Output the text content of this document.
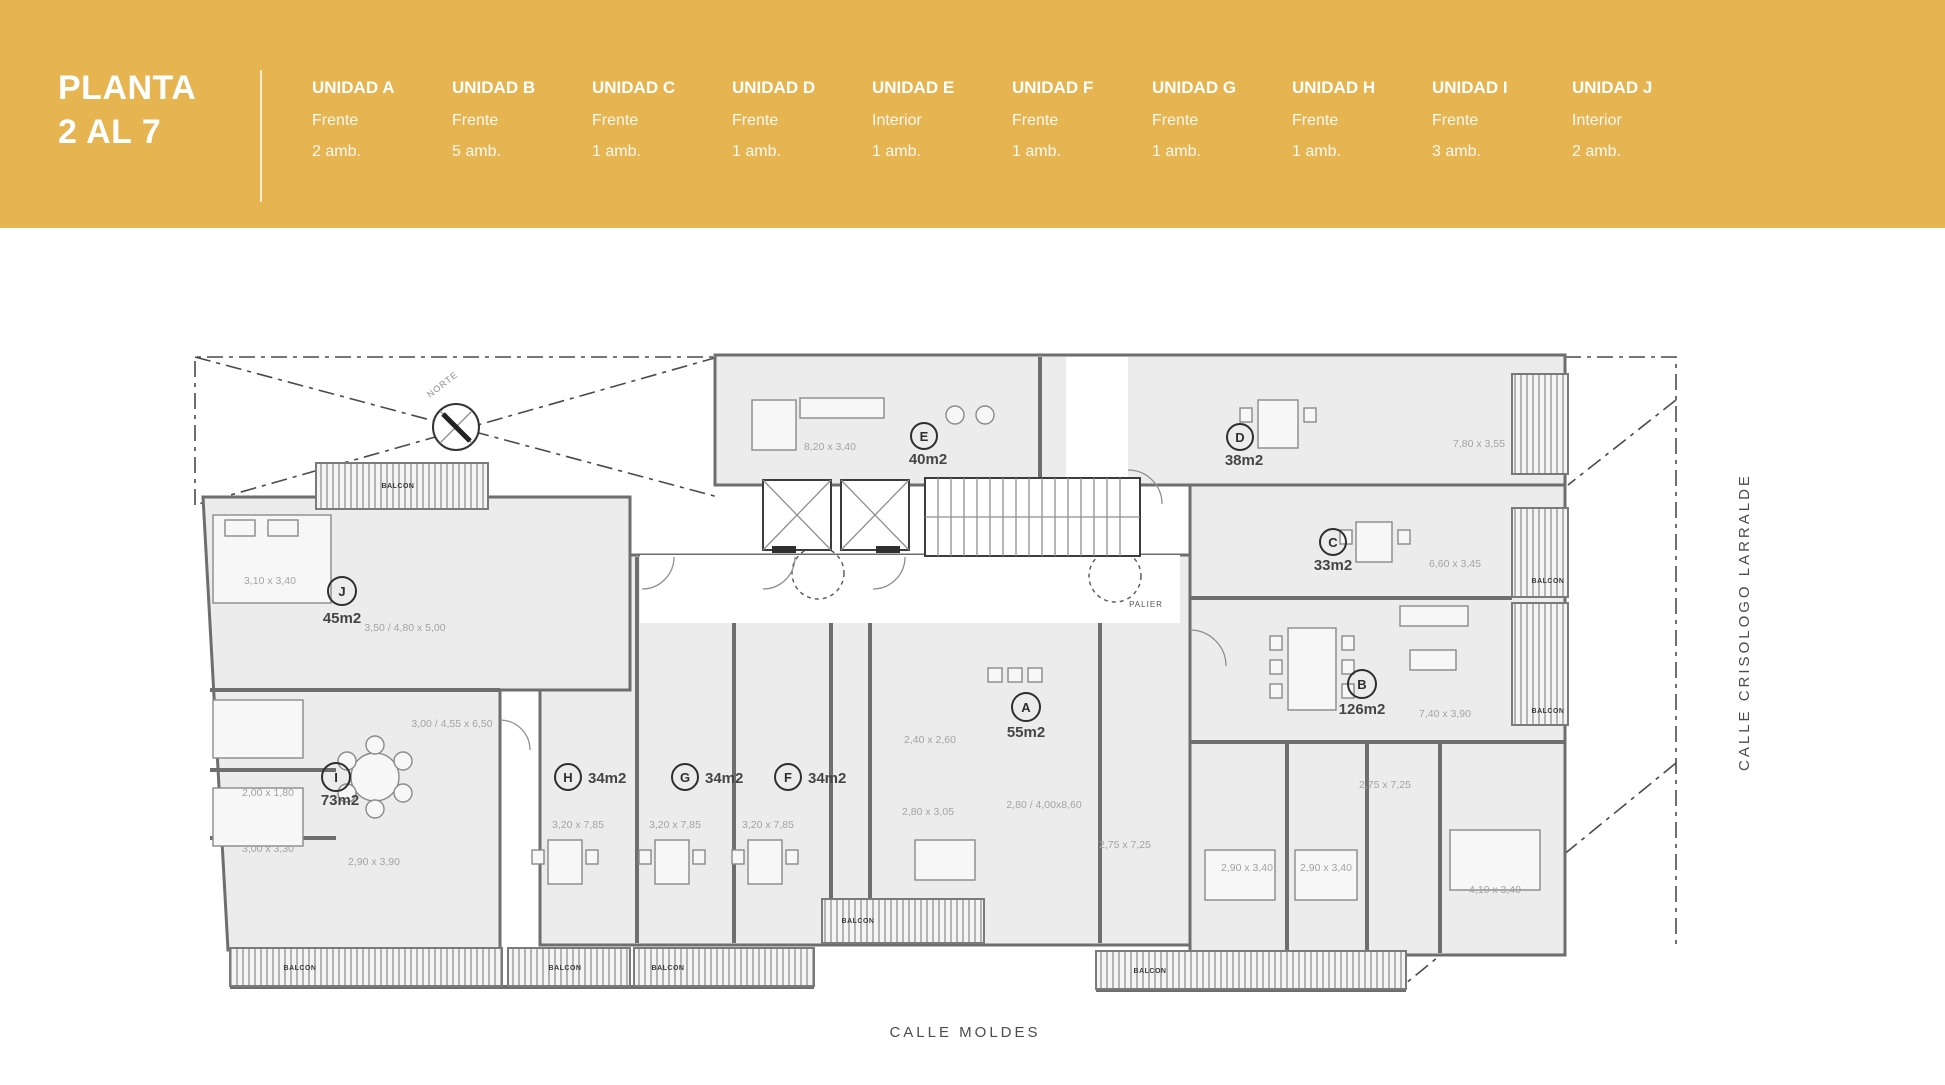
PLANTA
2 AL 7
UNIDAD A
Frente
2 amb.
UNIDAD B
Frente
5 amb.
UNIDAD C
Frente
1 amb.
UNIDAD D
Frente
1 amb.
UNIDAD E
Interior
1 amb.
UNIDAD F
Frente
1 amb.
UNIDAD G
Frente
1 amb.
UNIDAD H
Frente
1 amb.
UNIDAD I
Frente
3 amb.
UNIDAD J
Interior
2 amb.
BALCON
BALCON	BALCON	BALCON
BALCON
BALCON
BALCON
BALCON
NORTE
J
45m2
I
73m2
H 34m2	G 34m2	F 34m2
A
55m2
E
40m2
D
38m2
C
33m2
B
126m2
3,10 x 3,40
3,50 / 4,80 x 5,00
2,00 x 1,80
3,00 x 3,30
2,90 x 3,90
3,00 / 4,55 x 6,50
3,20 x 7,85	3,20 x 7,85	3,20 x 7,85
2,40 x 2,60
2,80 x 3,05
2,80 / 4,00x8,60
8,20 x 3,40	7,80 x 3,55
6,60 x 3,45
7,40 x 3,90
2,75 x 7,25
2,75 x 7,25
2,90 x 3,40	2,90 x 3,40
4,10 x 3,40
PALIER
CALLE MOLDES
CALLE CRISOLOGO LARRALDE
